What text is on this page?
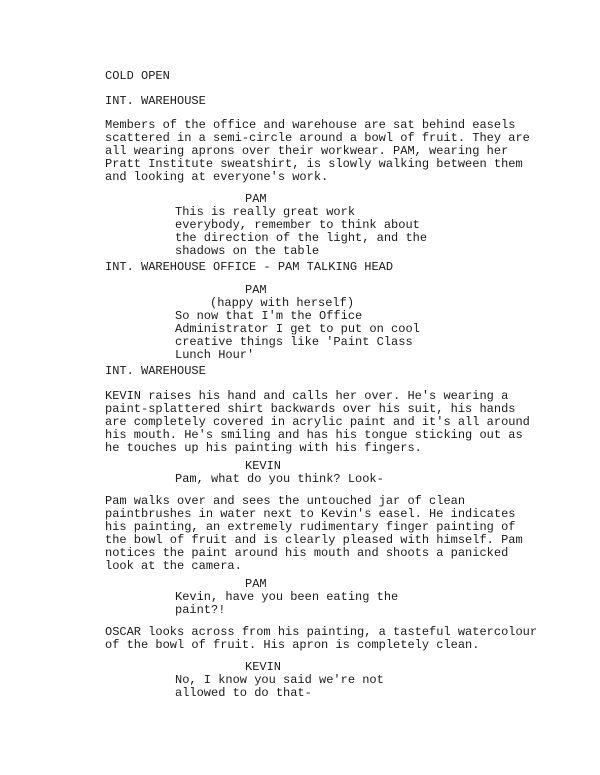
COLD OPEN
INT. WAREHOUSE
Members of the office and warehouse are sat behind easels
scattered in a semi-circle around a bowl of fruit. They are
all wearing aprons over their workwear. PAM, wearing her
Pratt Institute sweatshirt, is slowly walking between them
and looking at everyone's work.
PAM
This is really great work
everybody, remember to think about
the direction of the light, and the
shadows on the table
INT. WAREHOUSE OFFICE - PAM TALKING HEAD
PAM
(happy with herself)
So now that I'm the Office
Administrator I get to put on cool
creative things like 'Paint Class
Lunch Hour'
INT. WAREHOUSE
KEVIN raises his hand and calls her over. He's wearing a
paint-splattered shirt backwards over his suit, his hands
are completely covered in acrylic paint and it's all around
his mouth. He's smiling and has his tongue sticking out as
he touches up his painting with his fingers.
KEVIN
Pam, what do you think? Look-
Pam walks over and sees the untouched jar of clean
paintbrushes in water next to Kevin's easel. He indicates
his painting, an extremely rudimentary finger painting of
the bowl of fruit and is clearly pleased with himself. Pam
notices the paint around his mouth and shoots a panicked
look at the camera.
PAM
Kevin, have you been eating the
paint?!
OSCAR looks across from his painting, a tasteful watercolour
of the bowl of fruit. His apron is completely clean.
KEVIN
No, I know you said we're not
allowed to do that-
